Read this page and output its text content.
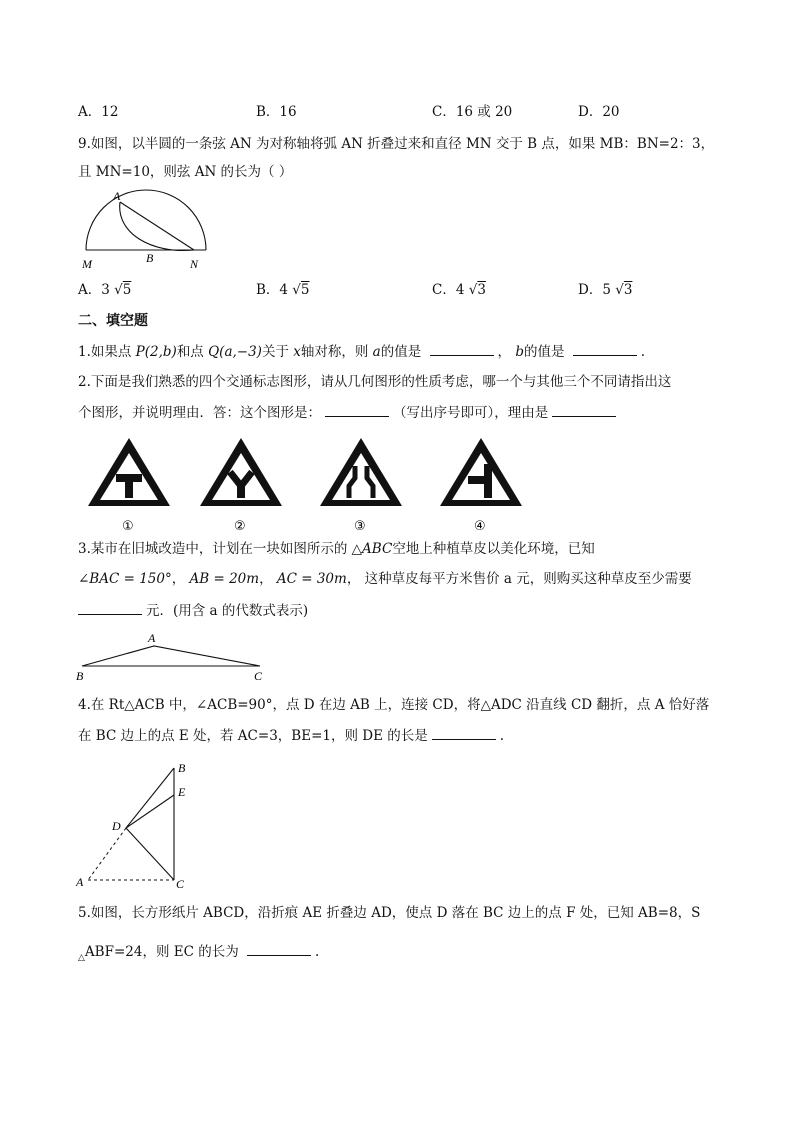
A．12	B．16	C．16 或 20	D．20
9.如图，以半圆的一条弦 AN 为对称轴将弧 AN 折叠过来和直径 MN 交于 B 点，如果 MB：BN=2：3，
且 MN=10，则弦 AN 的长为（ ）
A
M	B	N
A．3 √5	B．4 √5	C．4 √3	D．5 √3
二、填空题
1.如果点 P(2,b)和点 Q(a,−3)关于 x轴对称，则 a的值是	， b的值是	.
2.下面是我们熟悉的四个交通标志图形，请从几何图形的性质考虑，哪一个与其他三个不同请指出这
个图形，并说明理由．答：这个图形是：	（写出序号即可），理由是
①	②	③	④
3.某市在旧城改造中，计划在一块如图所示的 △ABC空地上种植草皮以美化环境，已知
∠BAC = 150°， AB = 20m， AC = 30m， 这种草皮每平方米售价 a 元，则购买这种草皮至少需要
元．(用含 a 的代数式表示)
A
B	C
4.在 Rt△ACB 中，∠ACB=90°，点 D 在边 AB 上，连接 CD，将△ADC 沿直线 CD 翻折，点 A 恰好落
在 BC 边上的点 E 处，若 AC=3，BE=1，则 DE 的长是	.
B
E
D
A	C
5.如图，长方形纸片 ABCD，沿折痕 AE 折叠边 AD，使点 D 落在 BC 边上的点 F 处，已知 AB=8，S
$_\triangle$ABF=24，则 EC 的长为	.
